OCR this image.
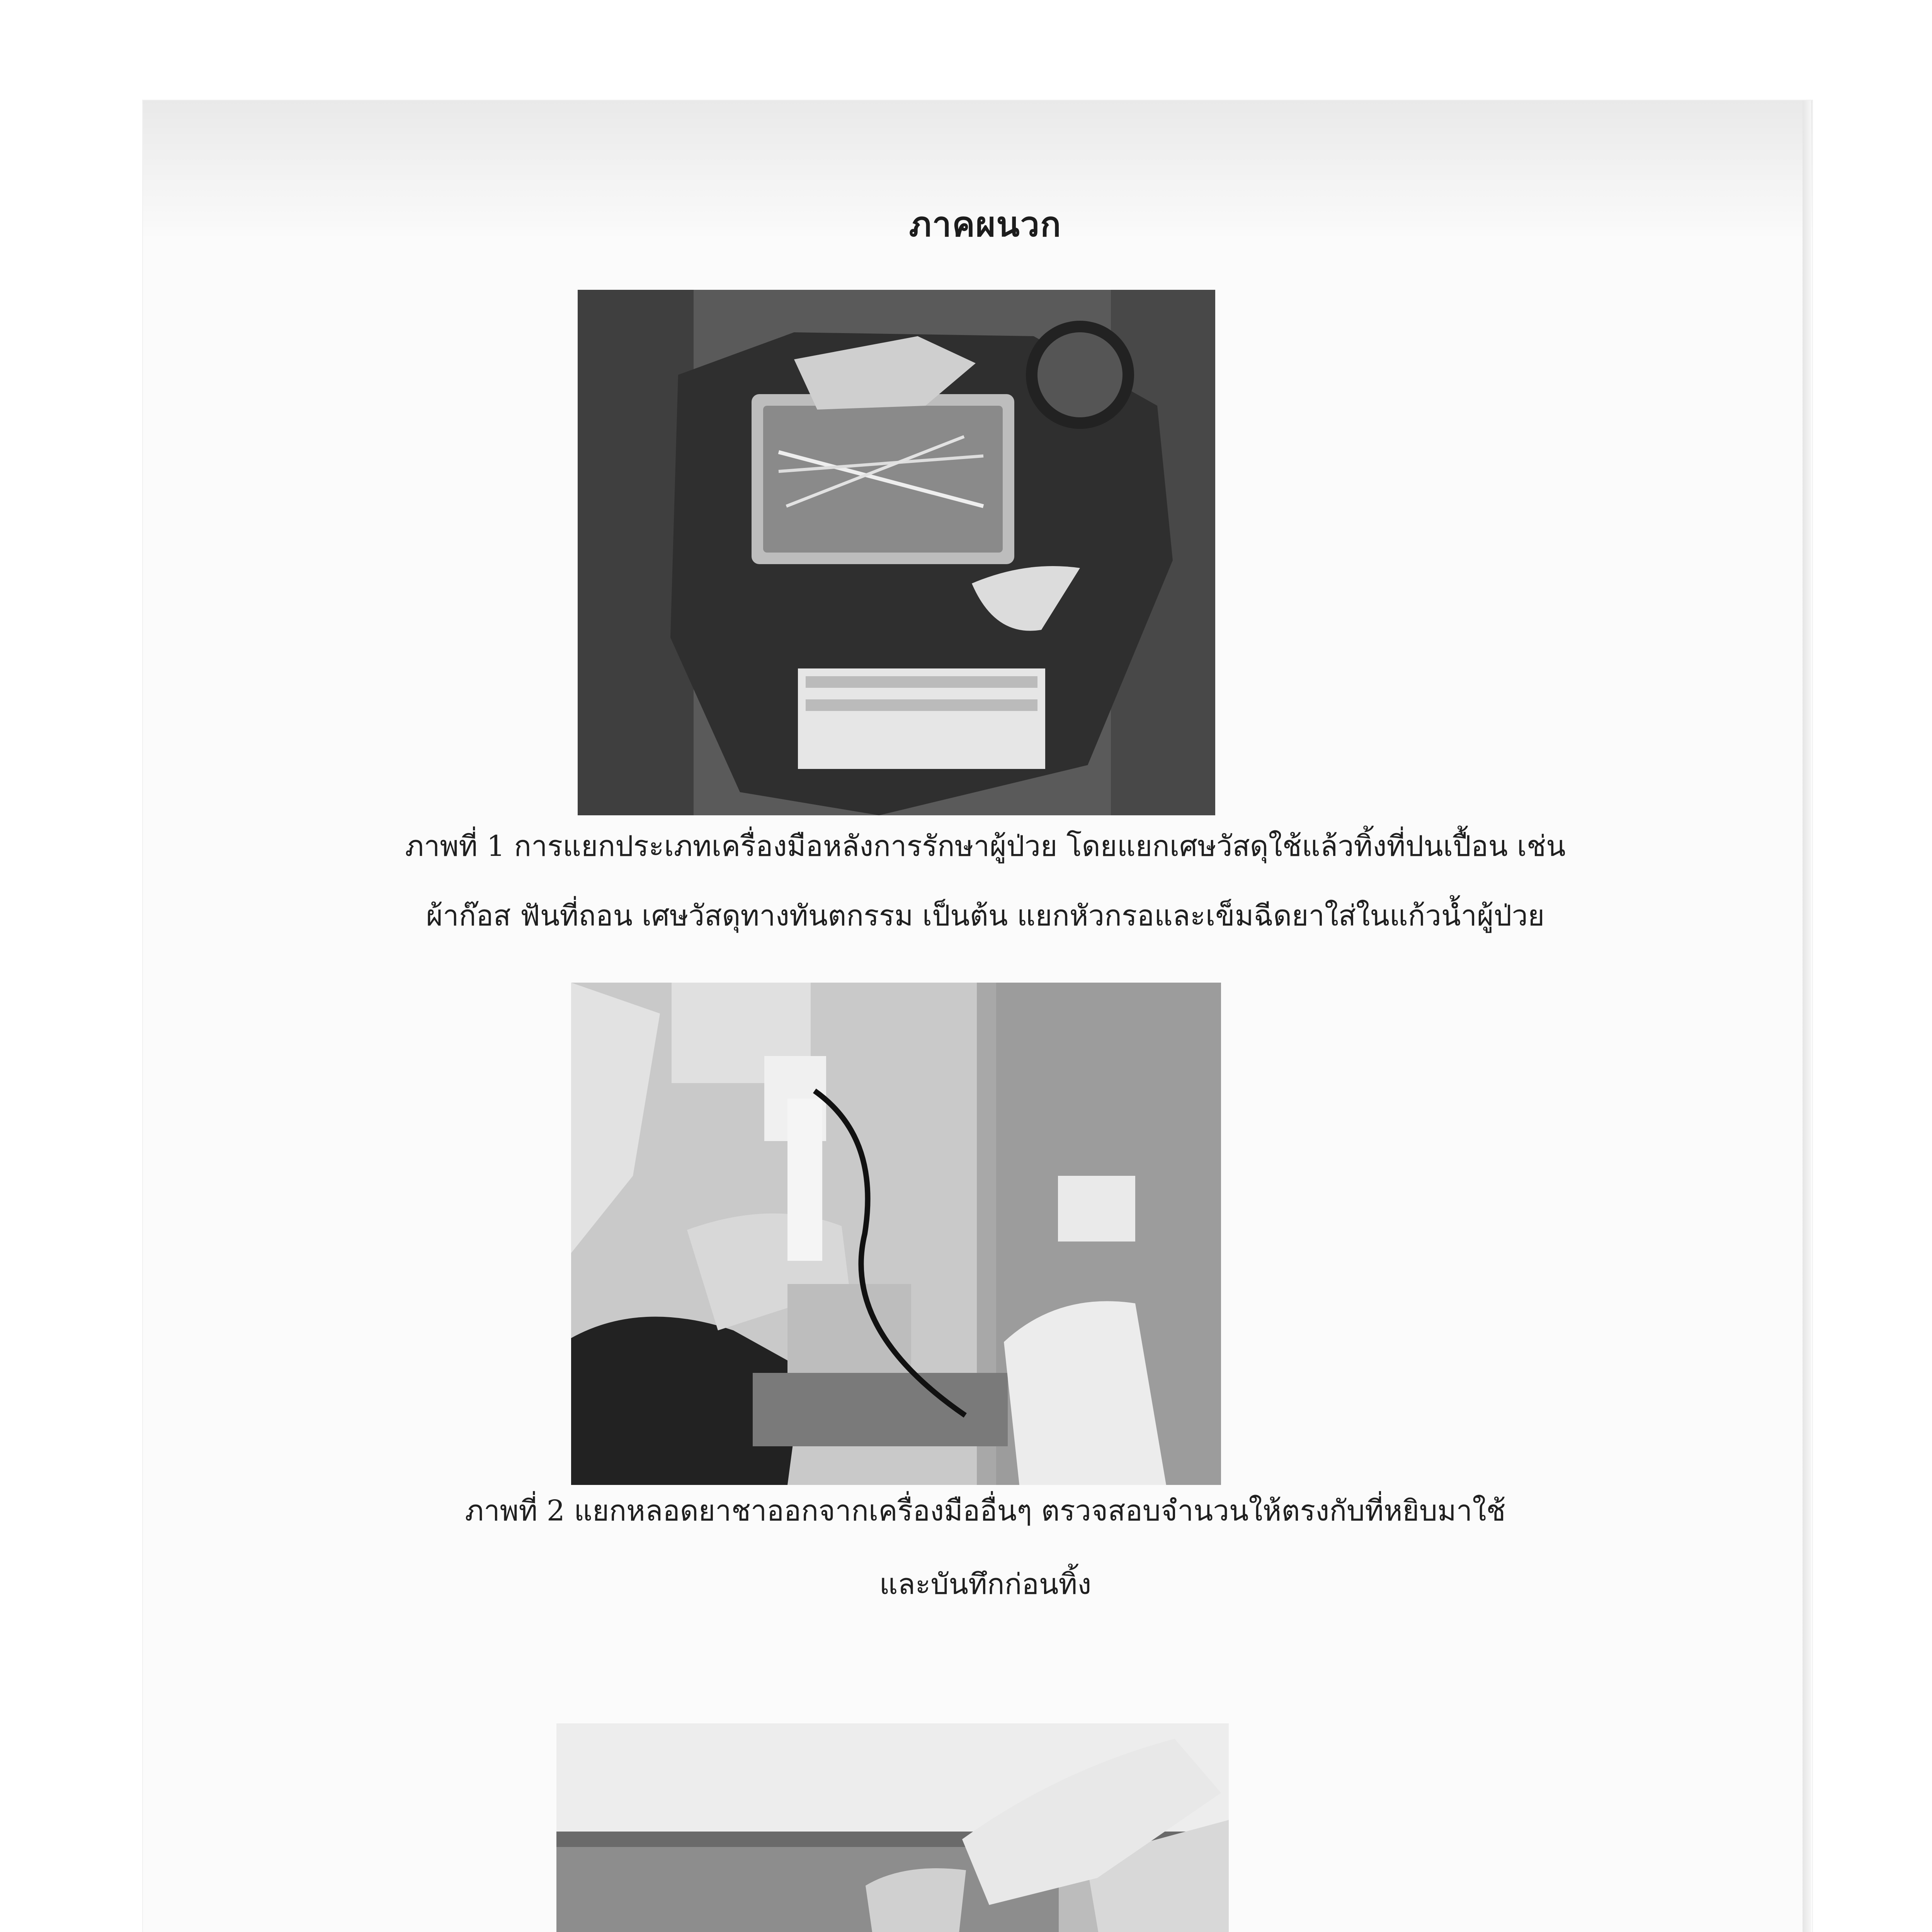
ภาคผนวก
ภาพที่ 1 การแยกประเภทเครื่องมือหลังการรักษาผู้ป่วย โดยแยกเศษวัสดุใช้แล้วทิ้งที่ปนเปื้อน เช่น
ผ้าก๊อส ฟันที่ถอน เศษวัสดุทางทันตกรรม เป็นต้น แยกหัวกรอและเข็มฉีดยาใส่ในแก้วน้ำผู้ป่วย
ภาพที่ 2 แยกหลอดยาชาออกจากเครื่องมืออื่นๆ ตรวจสอบจำนวนให้ตรงกับที่หยิบมาใช้
และบันทึกก่อนทิ้ง
